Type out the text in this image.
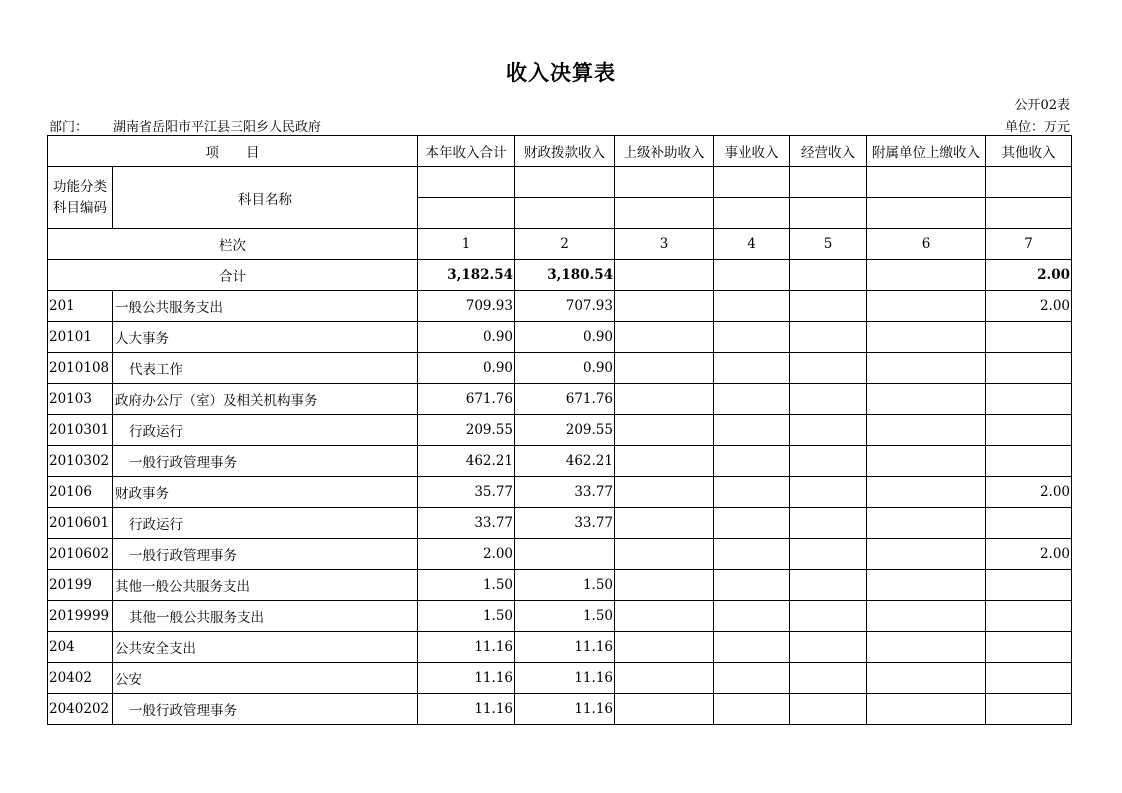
收入决算表
公开02表
部门： 湖南省岳阳市平江县三阳乡人民政府	单位：万元
项　　目		本年收入合计	财政拨款收入	上级补助收入	事业收入	经营收入	附属单位上缴收入	其他收入
功能分类科目编码	科目名称							

栏次		1	2	3	4	5	6	7
合计		3,182.54	3,180.54					2.00
201	一般公共服务支出	709.93	707.93					2.00
20101	人大事务	0.90	0.90					
2010108	代表工作	0.90	0.90					
20103	政府办公厅（室）及相关机构事务	671.76	671.76					
2010301	行政运行	209.55	209.55					
2010302	一般行政管理事务	462.21	462.21					
20106	财政事务	35.77	33.77					2.00
2010601	行政运行	33.77	33.77					
2010602	一般行政管理事务	2.00						2.00
20199	其他一般公共服务支出	1.50	1.50					
2019999	其他一般公共服务支出	1.50	1.50					
204	公共安全支出	11.16	11.16					
20402	公安	11.16	11.16					
2040202	一般行政管理事务	11.16	11.16					
